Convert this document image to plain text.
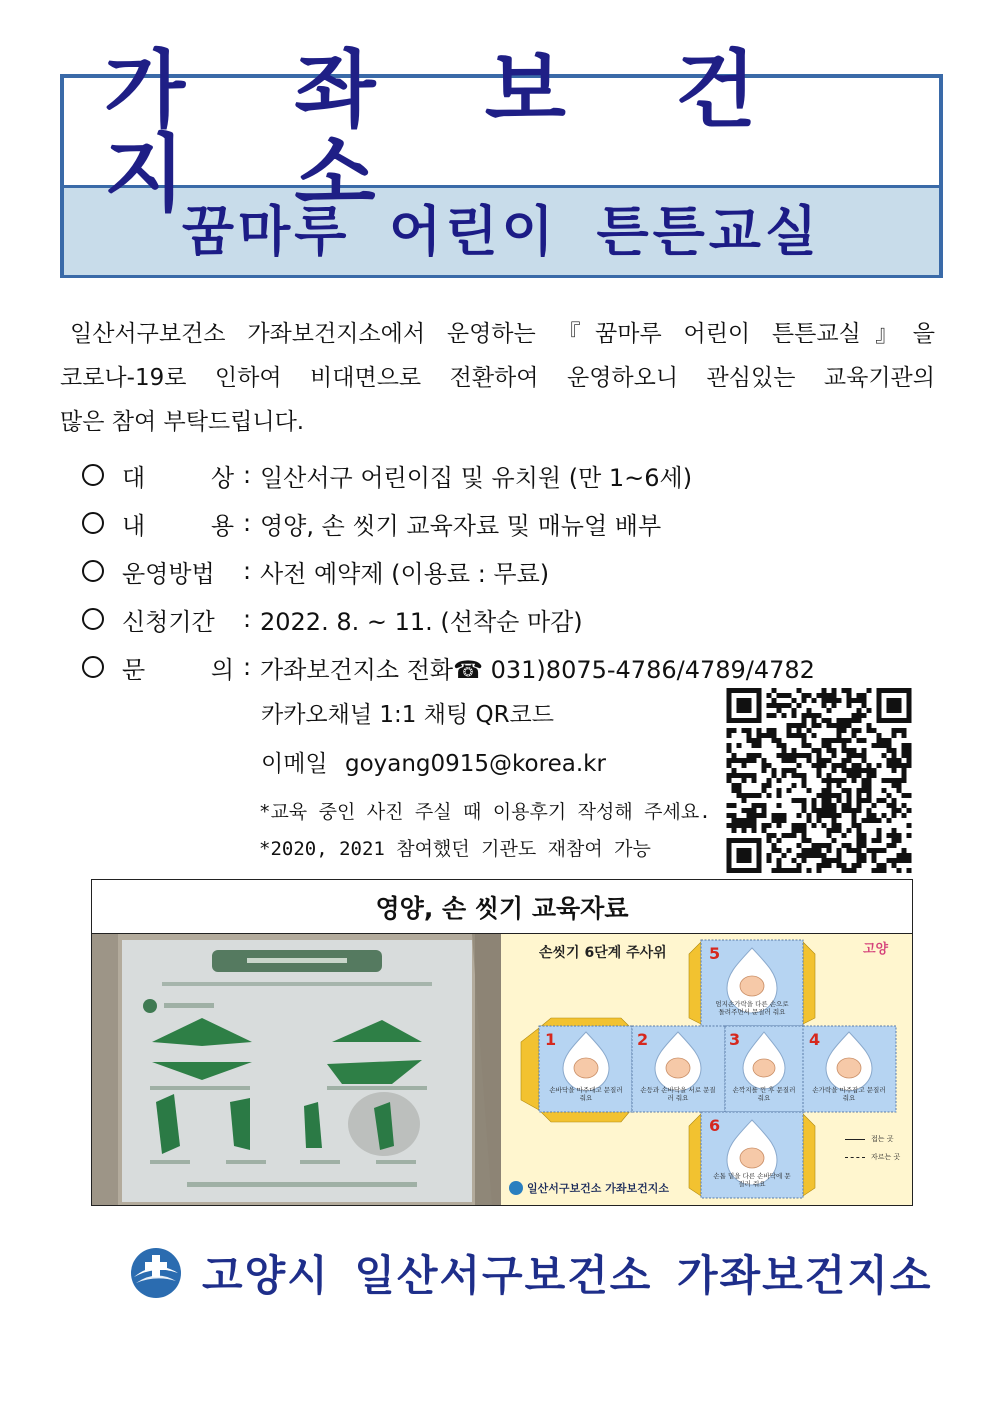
가 좌 보 건 지 소
꿈마루 어린이 튼튼교실
일산서구보건소 가좌보건지소에서 운영하는 『꿈마루 어린이 튼튼교실』을
코로나-19로 인하여 비대면으로 전환하여 운영하오니 관심있는 교육기관의
많은 참여 부탁드립니다.
대 상 : 일산서구 어린이집 및 유치원 (만 1~6세)
내 용 : 영양, 손 씻기 교육자료 및 매뉴얼 배부
운영방법	: 사전 예약제 (이용료 : 무료)
신청기간	: 2022. 8. ~ 11. (선착순 마감)
문 의 : 가좌보건지소 전화☎ 031)8075-4786/4789/4782
카카오채널 1:1 채팅 QR코드
이메일 goyang0915@korea.kr
*교육 중인 사진 주실 때 이용후기 작성해 주세요.
*2020, 2021 참여했던 기관도 재참여 가능
영양, 손 씻기 교육자료
손씻기 6단계 주사위	고양
5
1	2	3	4
6
엄지손가락을 다른 손으로 돌려주면서 문질러 줘요
손바닥을 마주대고 문질러 줘요
손등과 손바닥을 서로 문질러 줘요
손깍지를 낀 후 문질러 줘요
손가락을 마주잡고 문질러 줘요
손톱 밑을 다른 손바닥에 문질러 줘요
접는 곳
자르는 곳
일산서구보건소 가좌보건지소
고양시 일산서구보건소 가좌보건지소
